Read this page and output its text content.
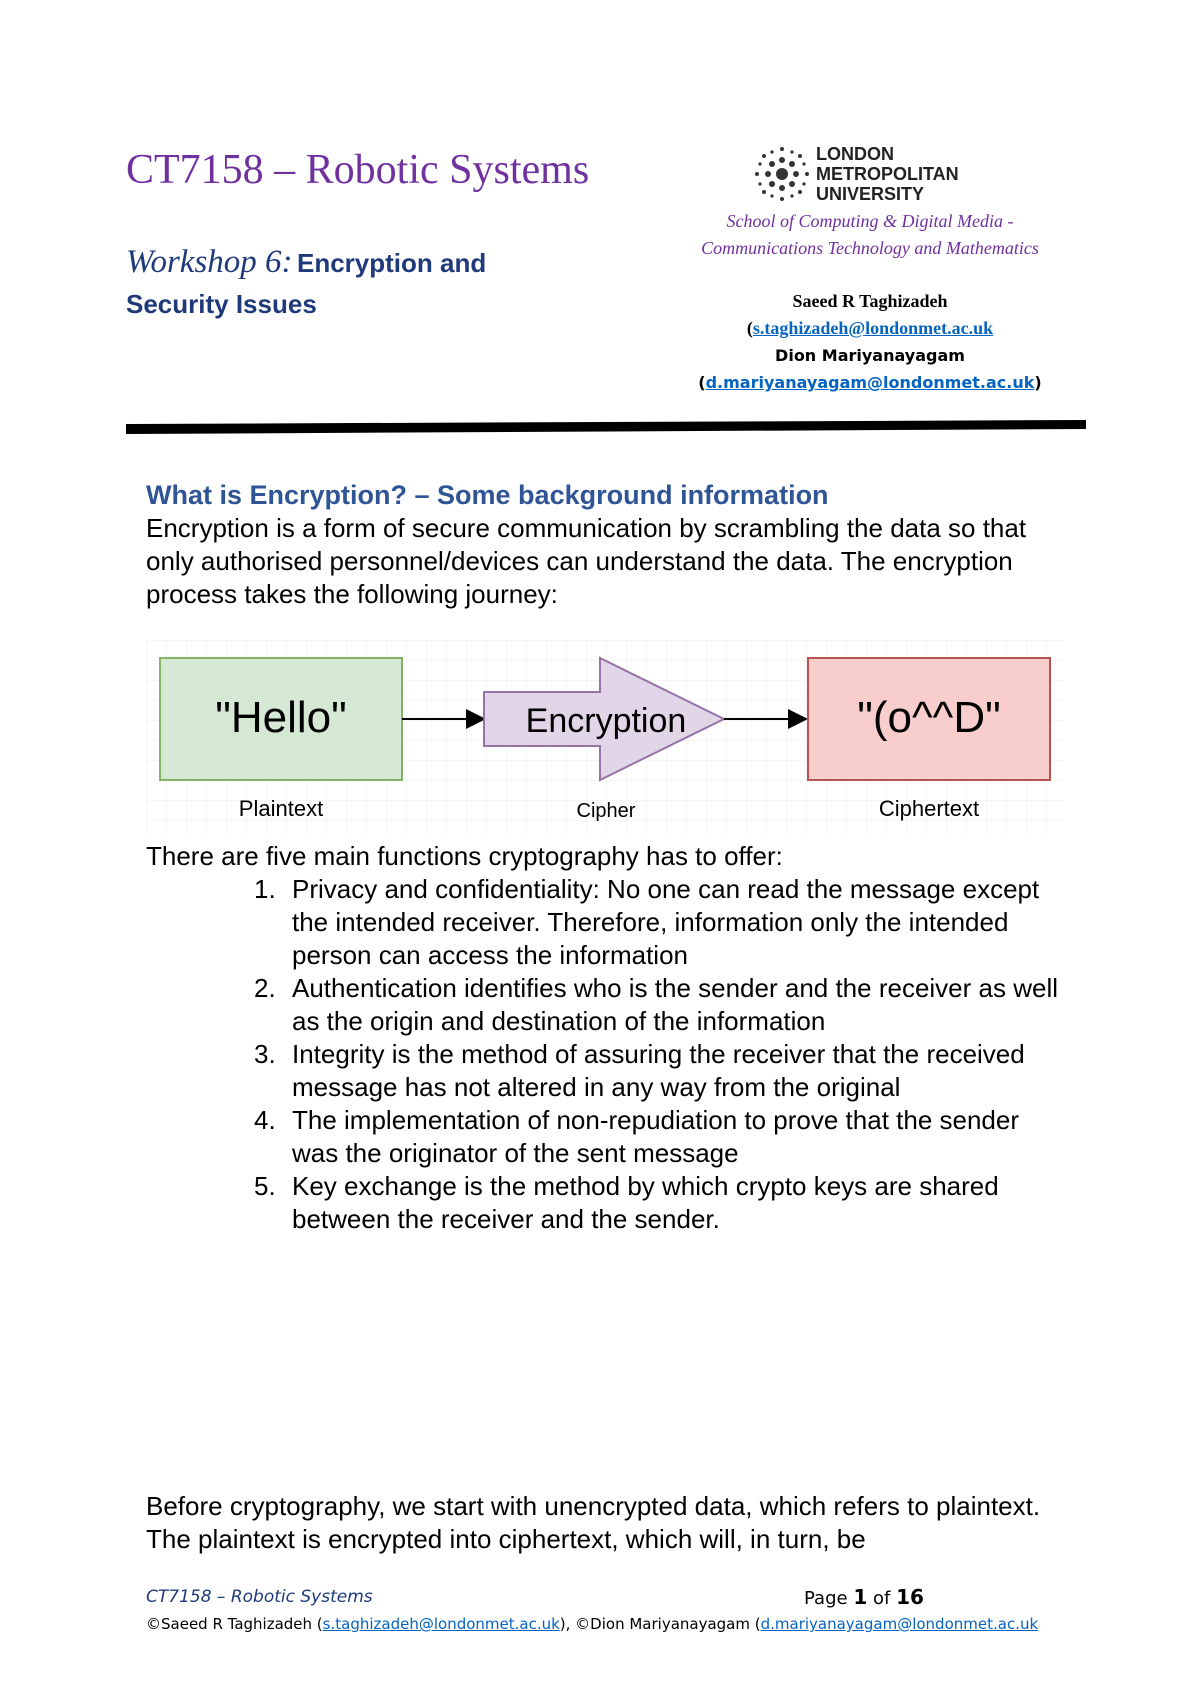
CT7158 – Robotic Systems
Workshop 6: Encryption and Security Issues
LONDON
METROPOLITAN
UNIVERSITY
School of Computing & Digital Media -
Communications Technology and Mathematics
Saeed R Taghizadeh
(s.taghizadeh@londonmet.ac.uk
Dion Mariyanayagam
(d.mariyanayagam@londonmet.ac.uk)
What is Encryption? – Some background information
Encryption is a form of secure communication by scrambling the data so that only authorised personnel/devices can understand the data. The encryption process takes the following journey:
"Hello"	Encryption	"(o^^D"
Plaintext	Cipher	Ciphertext
There are five main functions cryptography has to offer:
1. Privacy and confidentiality: No one can read the message except the intended receiver. Therefore, information only the intended person can access the information
2. Authentication identifies who is the sender and the receiver as well as the origin and destination of the information
3. Integrity is the method of assuring the receiver that the received message has not altered in any way from the original
4. The implementation of non-repudiation to prove that the sender was the originator of the sent message
5. Key exchange is the method by which crypto keys are shared between the receiver and the sender.
Before cryptography, we start with unencrypted data, which refers to plaintext. The plaintext is encrypted into ciphertext, which will, in turn, be
CT7158 – Robotic Systems	Page 1 of 16
©Saeed R Taghizadeh (s.taghizadeh@londonmet.ac.uk), ©Dion Mariyanayagam (d.mariyanayagam@londonmet.ac.uk
